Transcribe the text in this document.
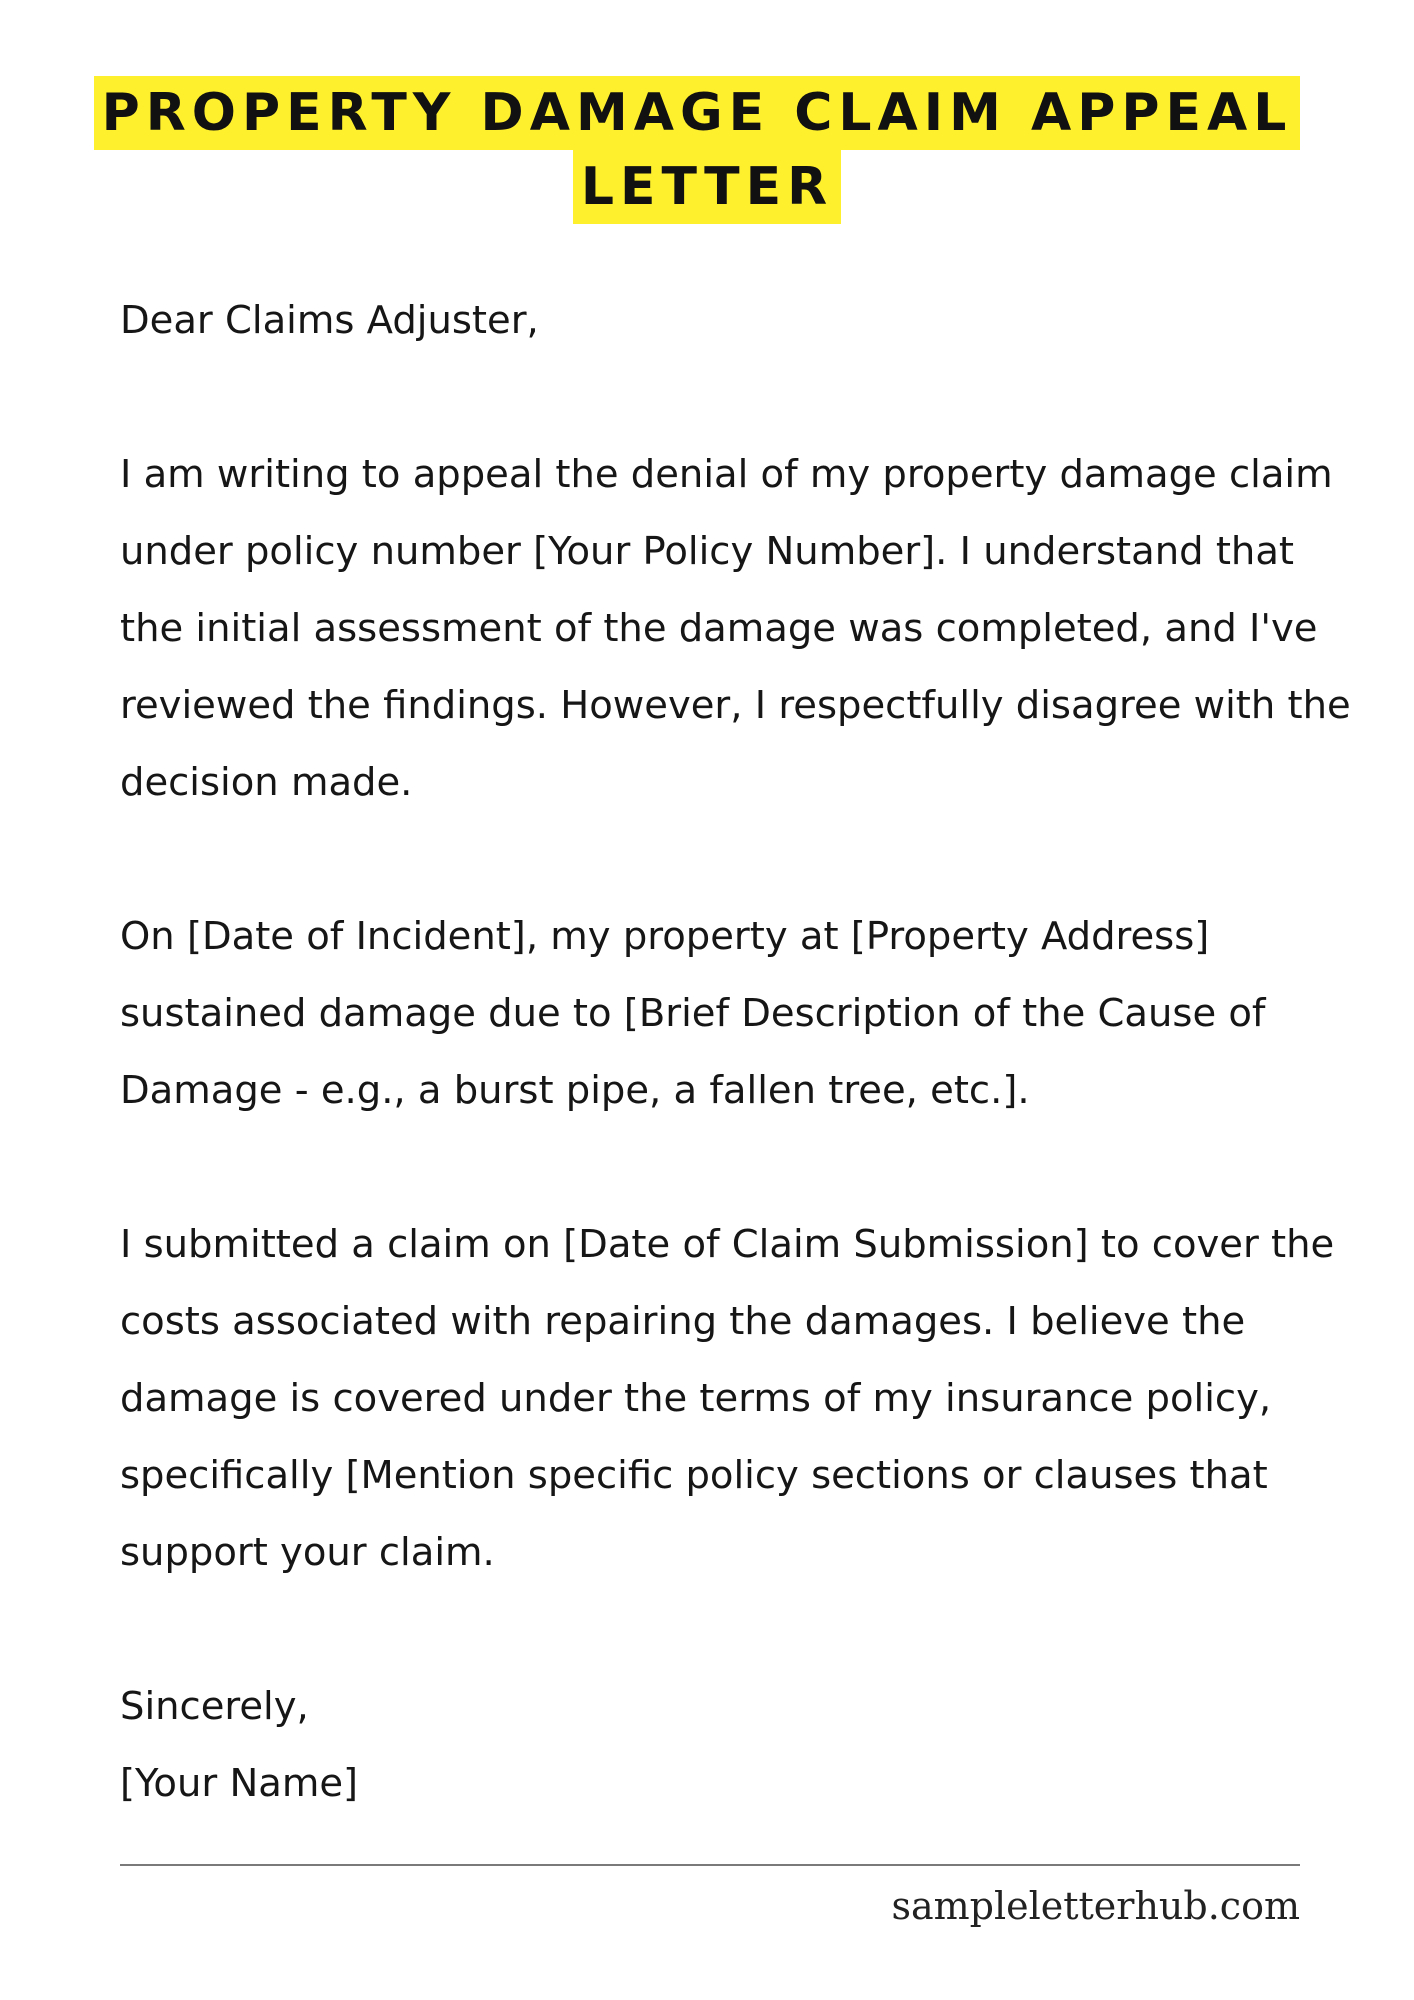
PROPERTY DAMAGE CLAIM APPEAL
LETTER

Dear Claims Adjuster,

I am writing to appeal the denial of my property damage claim under policy number [Your Policy Number]. I understand that the initial assessment of the damage was completed, and I've reviewed the findings. However, I respectfully disagree with the decision made.

On [Date of Incident], my property at [Property Address] sustained damage due to [Brief Description of the Cause of Damage - e.g., a burst pipe, a fallen tree, etc.].

I submitted a claim on [Date of Claim Submission] to cover the costs associated with repairing the damages. I believe the damage is covered under the terms of my insurance policy, specifically [Mention specific policy sections or clauses that support your claim.

Sincerely,
[Your Name]
sampleletterhub.com
